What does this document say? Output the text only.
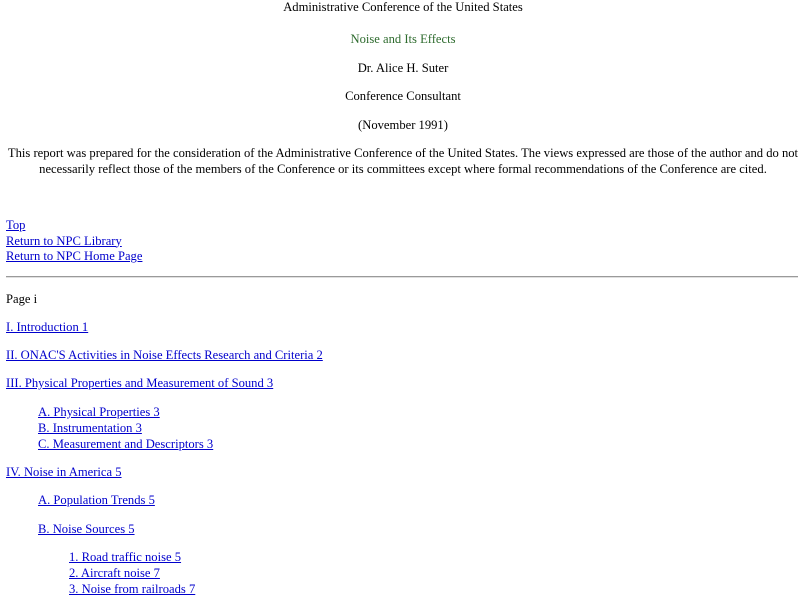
Administrative Conference of the United States
Noise and Its Effects
Dr. Alice H. Suter
Conference Consultant
(November 1991)

This report was prepared for the consideration of the Administrative Conference of the United States. The views expressed are those of the author and do not
necessarily reflect those of the members of the Conference or its committees except where formal recommendations of the Conference are cited.

Top
Return to NPC Library
Return to NPC Home Page

Page i

I. Introduction 1
II. ONAC'S Activities in Noise Effects Research and Criteria 2
III. Physical Properties and Measurement of Sound 3
A. Physical Properties 3
B. Instrumentation 3
C. Measurement and Descriptors 3
IV. Noise in America 5
A. Population Trends 5
B. Noise Sources 5
1. Road traffic noise 5
2. Aircraft noise 7
3. Noise from railroads 7
